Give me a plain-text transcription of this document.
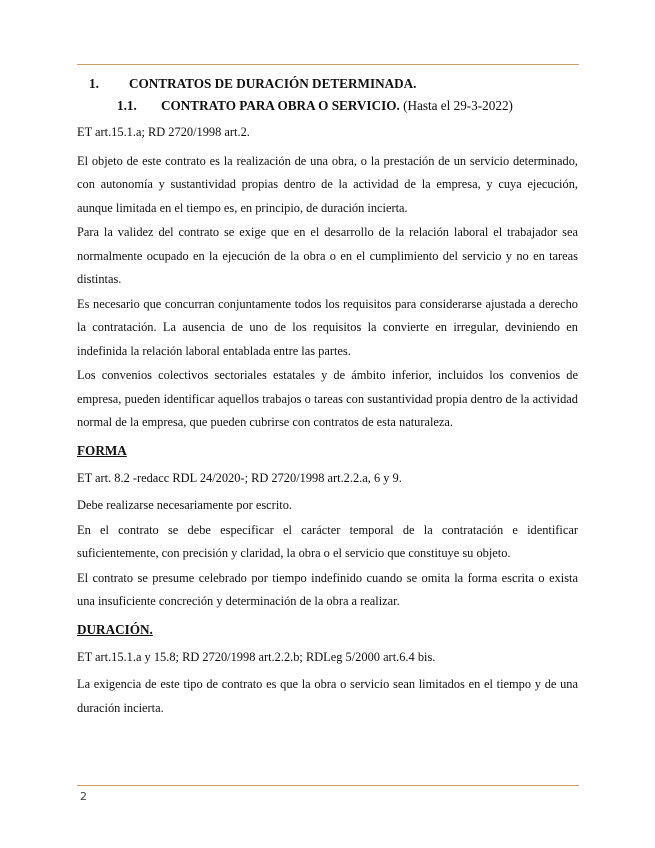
1. CONTRATOS DE DURACIÓN DETERMINADA.
1.1. CONTRATO PARA OBRA O SERVICIO. (Hasta el 29-3-2022)

ET art.15.1.a; RD 2720/1998 art.2.

El objeto de este contrato es la realización de una obra, o la prestación de un servicio determinado, con autonomía y sustantividad propias dentro de la actividad de la empresa, y cuya ejecución, aunque limitada en el tiempo es, en principio, de duración incierta.

Para la validez del contrato se exige que en el desarrollo de la relación laboral el trabajador sea normalmente ocupado en la ejecución de la obra o en el cumplimiento del servicio y no en tareas distintas.

Es necesario que concurran conjuntamente todos los requisitos para considerarse ajustada a derecho la contratación. La ausencia de uno de los requisitos la convierte en irregular, deviniendo en indefinida la relación laboral entablada entre las partes.

Los convenios colectivos sectoriales estatales y de ámbito inferior, incluidos los convenios de empresa, pueden identificar aquellos trabajos o tareas con sustantividad propia dentro de la actividad normal de la empresa, que pueden cubrirse con contratos de esta naturaleza.

FORMA

ET art. 8.2 -redacc RDL 24/2020-; RD 2720/1998 art.2.2.a, 6 y 9.

Debe realizarse necesariamente por escrito.

En el contrato se debe especificar el carácter temporal de la contratación e identificar suficientemente, con precisión y claridad, la obra o el servicio que constituye su objeto.

El contrato se presume celebrado por tiempo indefinido cuando se omita la forma escrita o exista una insuficiente concreción y determinación de la obra a realizar.

DURACIÓN.

ET art.15.1.a y 15.8; RD 2720/1998 art.2.2.b; RDLeg 5/2000 art.6.4 bis.

La exigencia de este tipo de contrato es que la obra o servicio sean limitados en el tiempo y de una duración incierta.

2
